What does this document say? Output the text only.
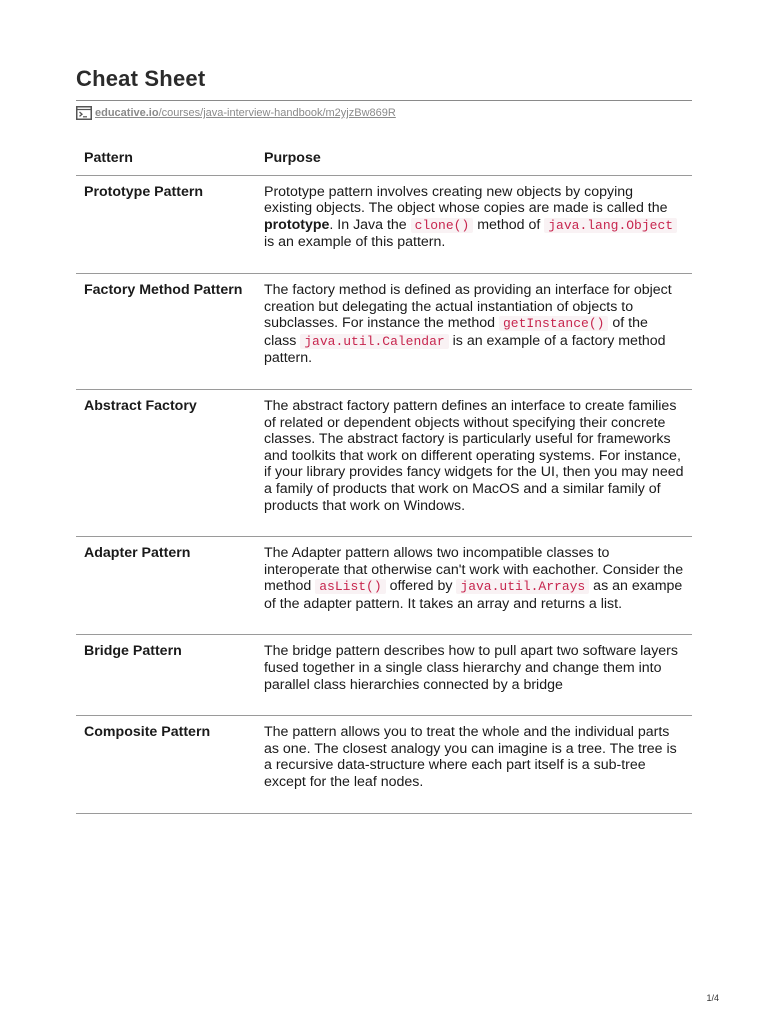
Cheat Sheet
educative.io/courses/java-interview-handbook/m2yjzBw869R
Pattern	Purpose
Prototype Pattern	Prototype pattern involves creating new objects by copying existing objects. The object whose copies are made is called the prototype. In Java the clone() method of java.lang.Object is an example of this pattern.
Factory Method Pattern	The factory method is defined as providing an interface for object creation but delegating the actual instantiation of objects to subclasses. For instance the method getInstance() of the class java.util.Calendar is an example of a factory method pattern.
Abstract Factory	The abstract factory pattern defines an interface to create families of related or dependent objects without specifying their concrete classes. The abstract factory is particularly useful for frameworks and toolkits that work on different operating systems. For instance, if your library provides fancy widgets for the UI, then you may need a family of products that work on MacOS and a similar family of products that work on Windows.
Adapter Pattern	The Adapter pattern allows two incompatible classes to interoperate that otherwise can't work with eachother. Consider the method asList() offered by java.util.Arrays as an exampe of the adapter pattern. It takes an array and returns a list.
Bridge Pattern	The bridge pattern describes how to pull apart two software layers fused together in a single class hierarchy and change them into parallel class hierarchies connected by a bridge
Composite Pattern	The pattern allows you to treat the whole and the individual parts as one. The closest analogy you can imagine is a tree. The tree is a recursive data-structure where each part itself is a sub-tree except for the leaf nodes.
1/4
